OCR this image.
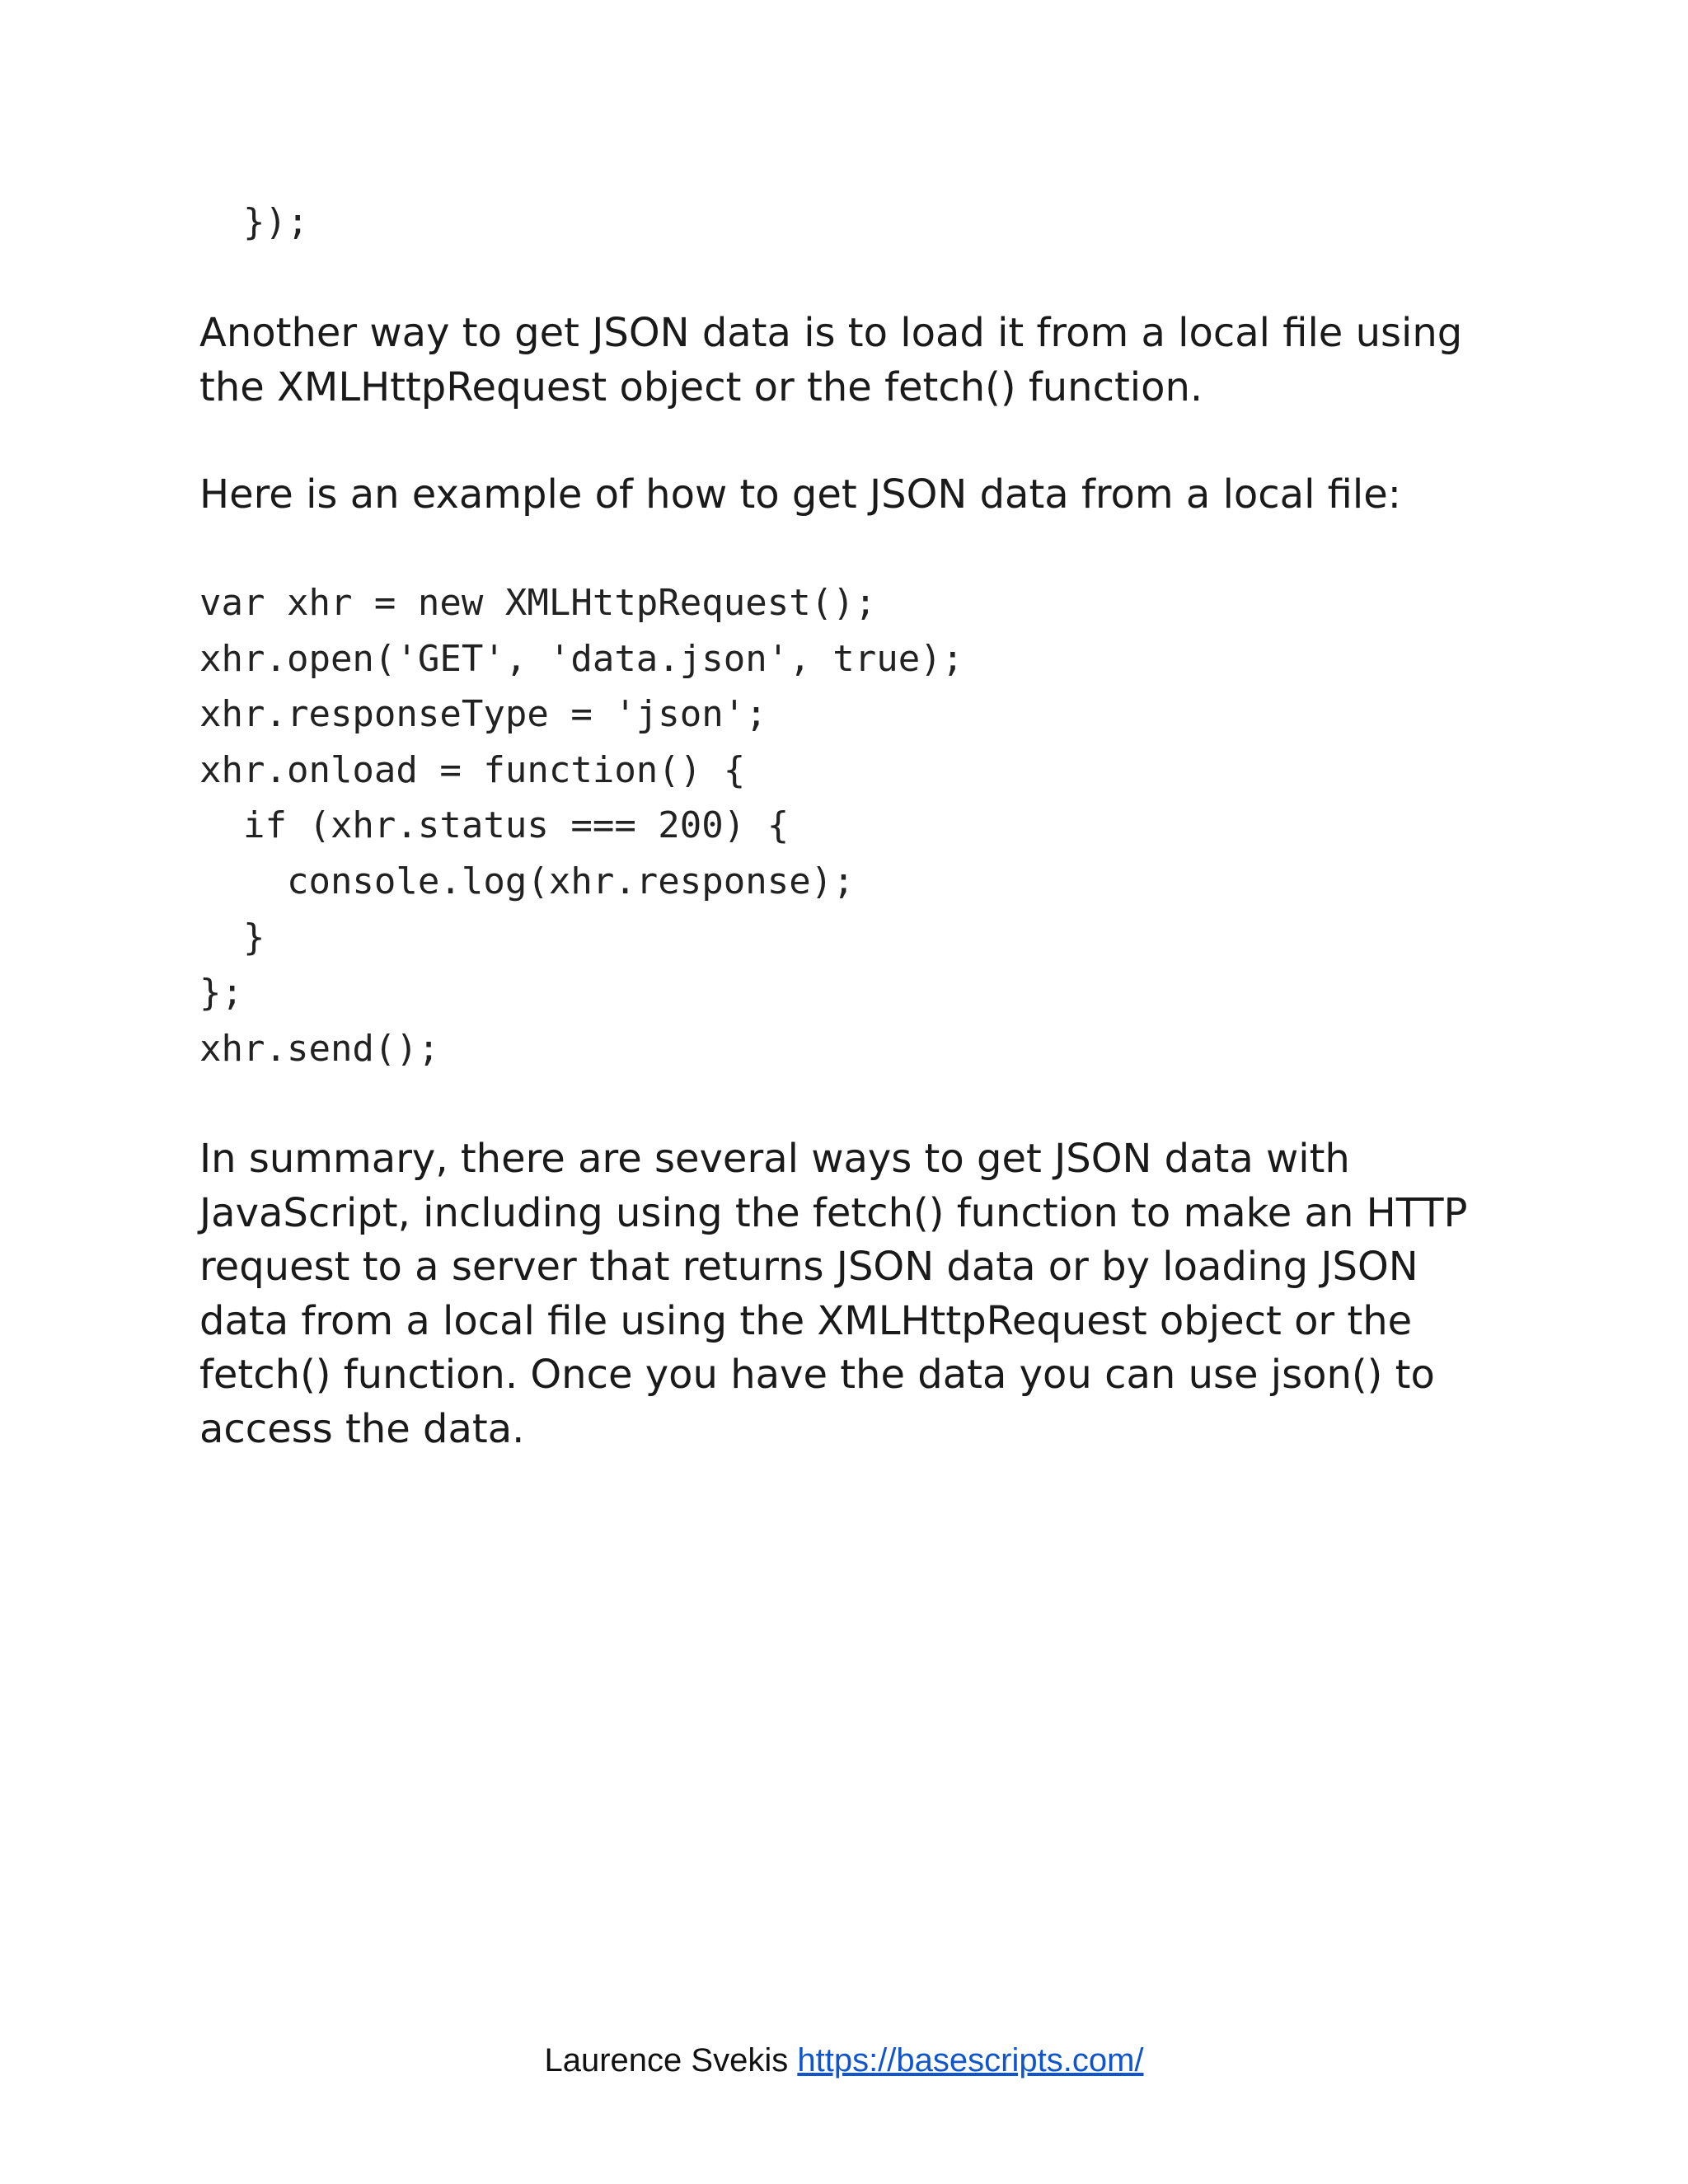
});
Another way to get JSON data is to load it from a local file using
the XMLHttpRequest object or the fetch() function.
Here is an example of how to get JSON data from a local file:
var xhr = new XMLHttpRequest();
xhr.open('GET', 'data.json', true);
xhr.responseType = 'json';
xhr.onload = function() {
if (xhr.status === 200) {
console.log(xhr.response);
}
};
xhr.send();
In summary, there are several ways to get JSON data with
JavaScript, including using the fetch() function to make an HTTP
request to a server that returns JSON data or by loading JSON
data from a local file using the XMLHttpRequest object or the
fetch() function. Once you have the data you can use json() to
access the data.
Laurence Svekis https://basescripts.com/
